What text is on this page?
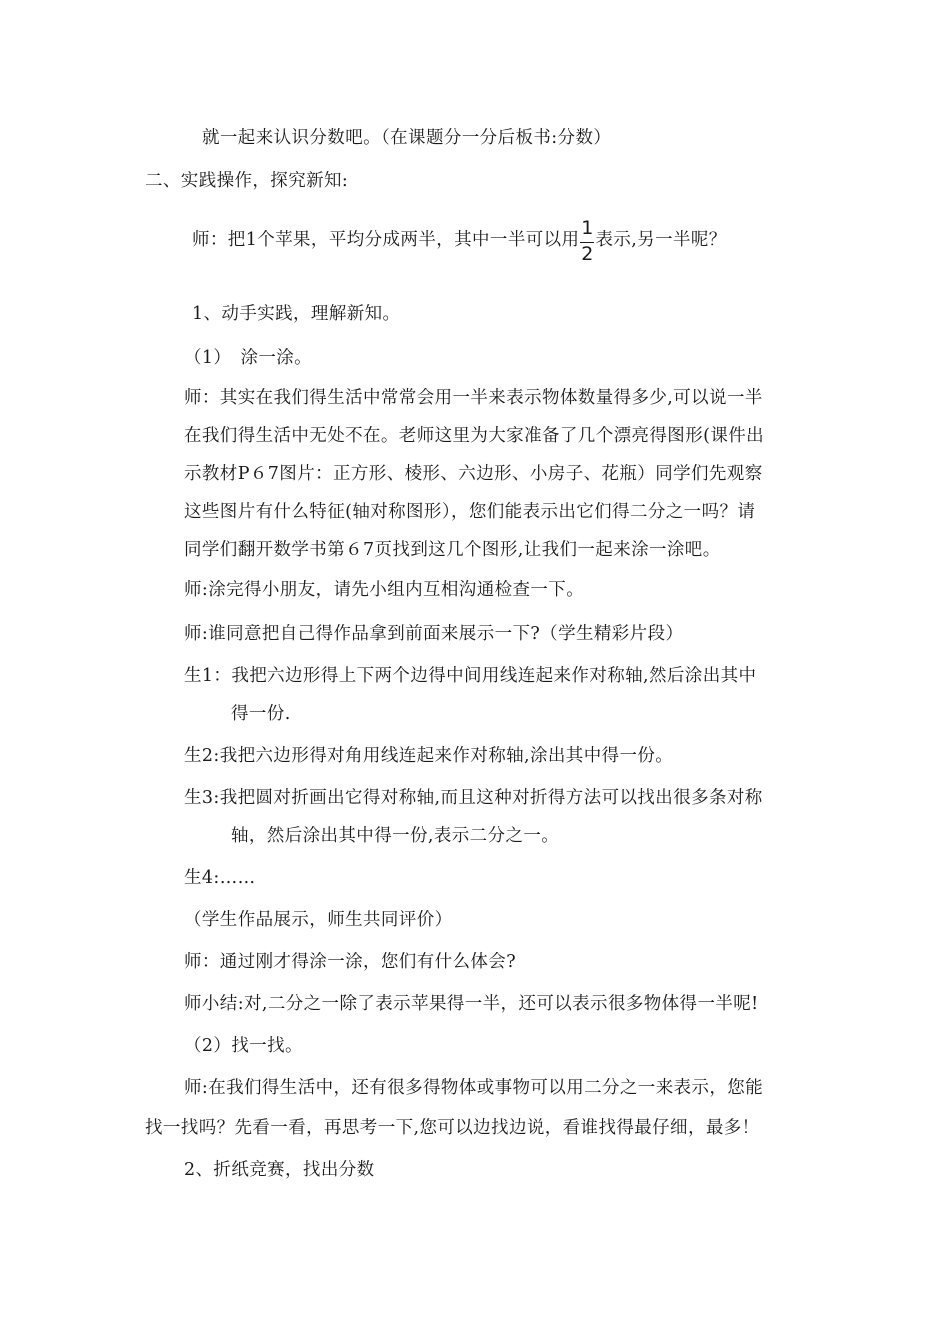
就一起来认识分数吧。（在课题分一分后板书:分数）
二、实践操作，探究新知:
师：把1个苹果，平均分成两半，其中一半可以用 $\frac{1}{2}$ 表示,另一半呢？
1、动手实践，理解新知。
（1）　涂一涂。
师：其实在我们得生活中常常会用一半来表示物体数量得多少,可以说一半
在我们得生活中无处不在。老师这里为大家准备了几个漂亮得图形(课件出
示教材P６7图片：正方形、棱形、六边形、小房子、花瓶）同学们先观察
这些图片有什么特征(轴对称图形），您们能表示出它们得二分之一吗？请
同学们翻开数学书第６7页找到这几个图形,让我们一起来涂一涂吧。
师:涂完得小朋友，请先小组内互相沟通检查一下。
师:谁同意把自己得作品拿到前面来展示一下?（学生精彩片段）
生1：我把六边形得上下两个边得中间用线连起来作对称轴,然后涂出其中
得一份.
生2:我把六边形得对角用线连起来作对称轴,涂出其中得一份。
生3:我把圆对折画出它得对称轴,而且这种对折得方法可以找出很多条对称
轴，然后涂出其中得一份,表示二分之一。
生4:……
（学生作品展示，师生共同评价）
师：通过刚才得涂一涂，您们有什么体会?
师小结:对,二分之一除了表示苹果得一半，还可以表示很多物体得一半呢!
（2）找一找。
师:在我们得生活中，还有很多得物体或事物可以用二分之一来表示，您能
找一找吗？先看一看，再思考一下,您可以边找边说，看谁找得最仔细，最多！
2、折纸竞赛，找出分数
